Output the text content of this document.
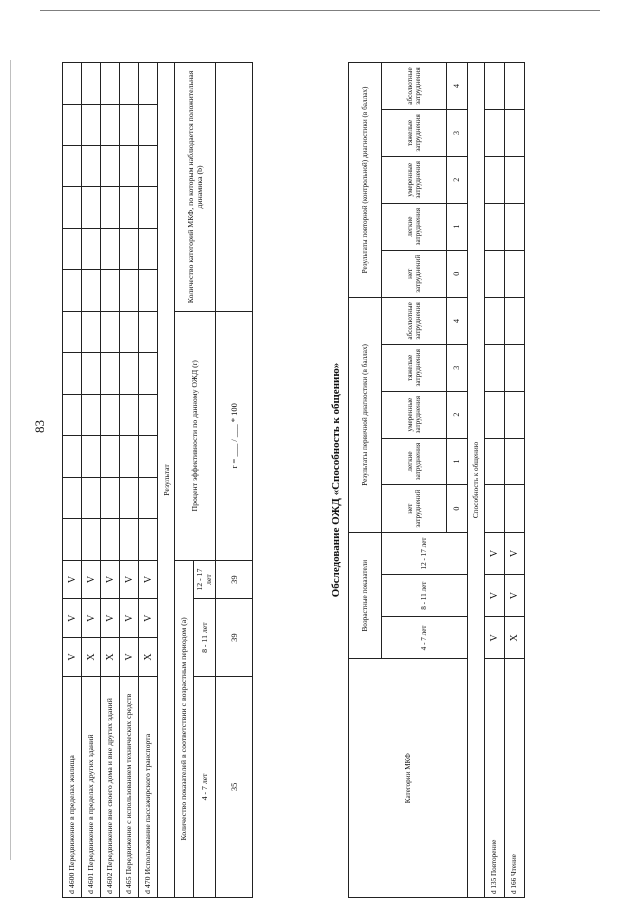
83
d 4600 Передвижение в пределах жилища	V	V	V												
d 4601 Передвижение в пределах других зданий	X	V	V												
d 4602 Передвижение вне своего дома и вне других зданий	X	V	V												
d 465 Передвижение с использованием технических средств	V	V	V												
d 470 Использование пассажирского транспорта	X	V	V												
Результат															
Количество показателей в соответствии с возрастным периодом (a)				Процент эффективности по данному ОЖД (r)						Количество категорий МКФ, по которым наблюдается положительная динамика (b)					
4 - 7 лет	8 - 11 лет		12 - 17 лет												
35	39		39	r = ___ / ___ * 100												Обследование ОЖД «Способность к общению»
Категории МКФ	Возрастные показатели			Результаты первичной диагностики (в баллах)					Результаты повторной (контрольной) диагностики (в баллах)				
	4 - 7 лет	8 - 11 лет	12 - 17 лет	нет затруднений	легкие затруднения	умеренные затруднения	тяжелые затруднения	абсолютные затруднения	нет затруднений	легкие затруднения	умеренные затруднения	тяжелые затруднения	абсолютные затруднения
				0	1	2	3	4	0	1	2	3	4
Способность к общению													
d 135 Повторение	V	V	V										
d 166 Чтение	X	V	V										
